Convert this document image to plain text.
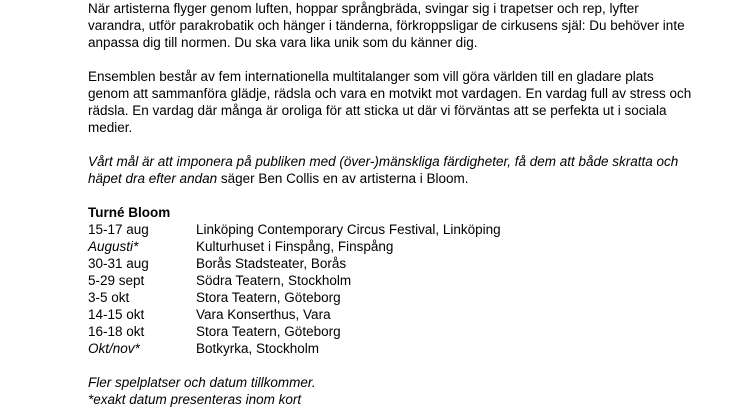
När artisterna flyger genom luften, hoppar språngbräda, svingar sig i trapetser och rep, lyfter
varandra, utför parakrobatik och hänger i tänderna, förkroppsligar de cirkusens själ: Du behöver inte
anpassa dig till normen. Du ska vara lika unik som du känner dig.

Ensemblen består av fem internationella multitalanger som vill göra världen till en gladare plats
genom att sammanföra glädje, rädsla och vara en motvikt mot vardagen. En vardag full av stress och
rädsla. En vardag där många är oroliga för att sticka ut där vi förväntas att se perfekta ut i sociala
medier.

Vårt mål är att imponera på publiken med (över-)mänskliga färdigheter, få dem att både skratta och
häpet dra efter andan säger Ben Collis en av artisterna i Bloom.

Turné Bloom
15-17 aug	Linköping Contemporary Circus Festival, Linköping
Augusti*	Kulturhuset i Finspång, Finspång
30-31 aug	Borås Stadsteater, Borås
5-29 sept	Södra Teatern, Stockholm
3-5 okt	Stora Teatern, Göteborg
14-15 okt	Vara Konserthus, Vara
16-18 okt	Stora Teatern, Göteborg
Okt/nov*	Botkyrka, Stockholm

Fler spelplatser och datum tillkommer.
*exakt datum presenteras inom kort
